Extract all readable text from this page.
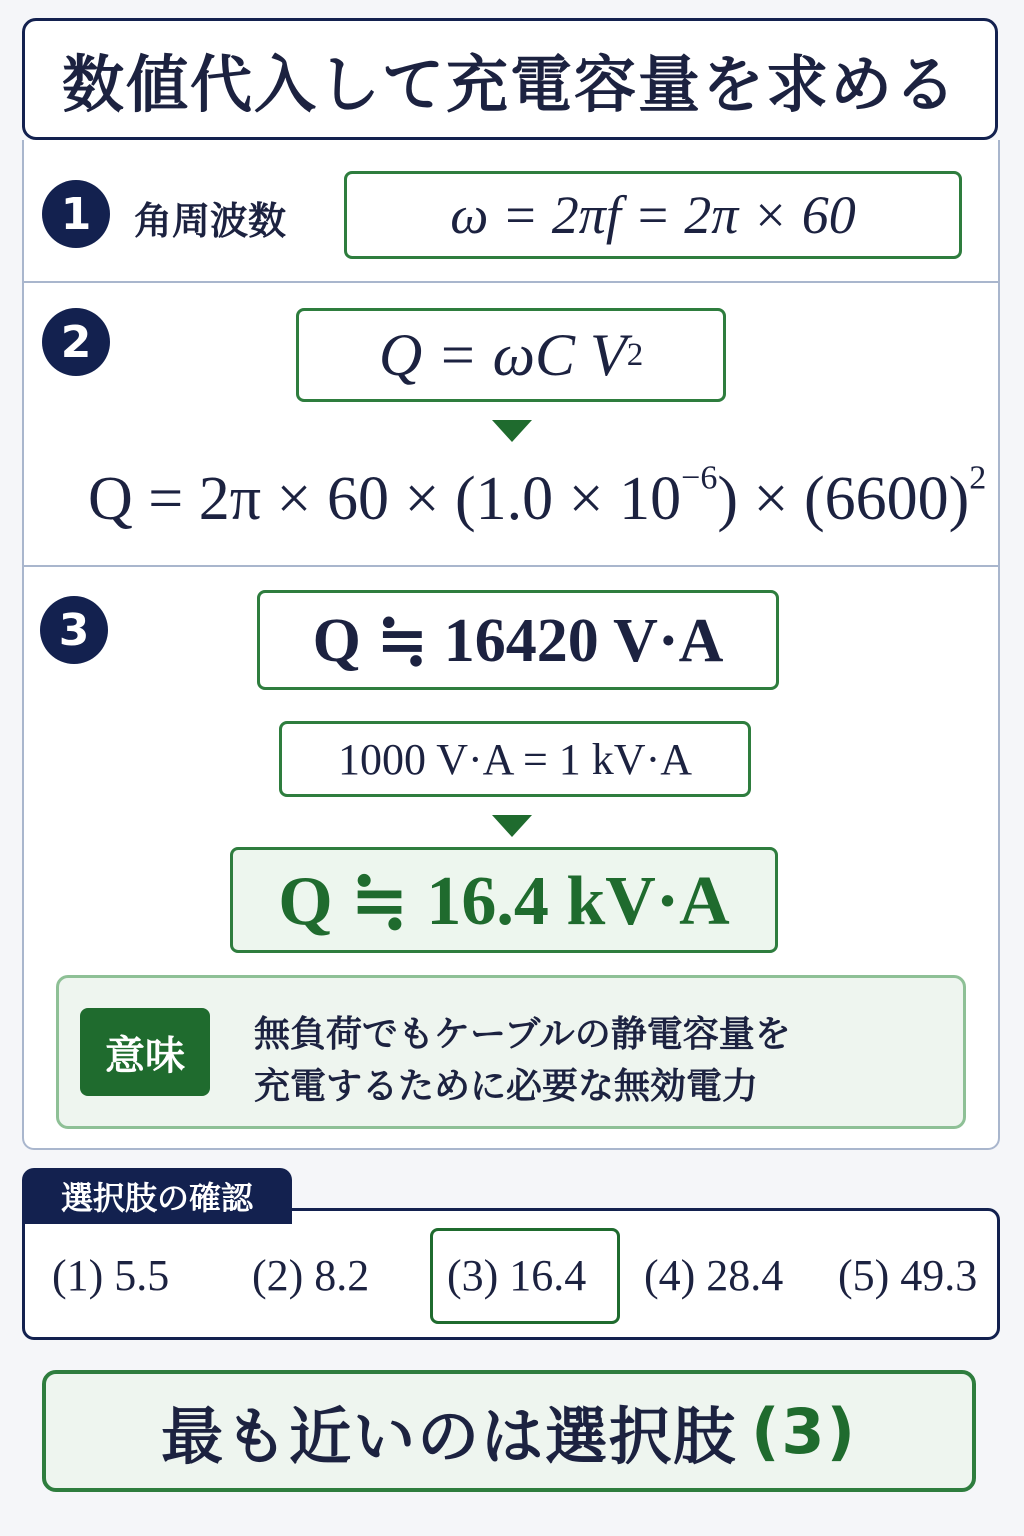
数値代入して充電容量を求める
1	角周波数	ω = 2πf = 2π × 60
2	Q
= ωC V 2
$Q = 2\pi \times 60 \times (1.0 \times 10^{-6}) \times (6600)^2$
3	Q ≒ 16420 V·A
1000 V·A = 1 kV·A
Q ≒ 16.4 kV·A
意味	無負荷でもケーブルの静電容量を
充電するために必要な無効電力
選択肢の確認
(1) 5.5 (2) 8.2 (3) 16.4 (4) 28.4 (5) 49.3
最も近いのは選択肢 (3)
